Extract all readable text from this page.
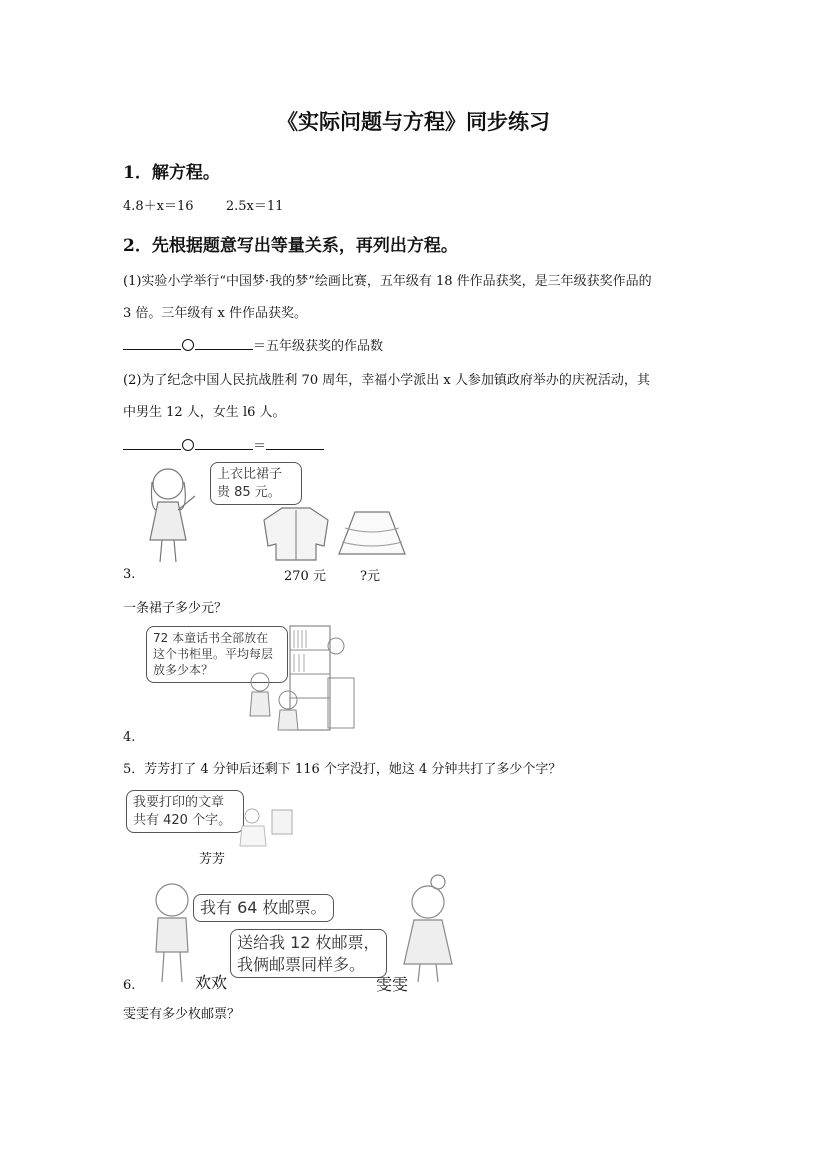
《实际问题与方程》同步练习
1．解方程。
4.8＋x＝16 2.5x＝11
2．先根据题意写出等量关系，再列出方程。
(1)实验小学举行“中国梦·我的梦”绘画比赛，五年级有 18 件作品获奖，是三年级获奖作品的
3 倍。三年级有 x 件作品获奖。
＝五年级获奖的作品数
(2)为了纪念中国人民抗战胜利 70 周年，幸福小学派出 x 人参加镇政府举办的庆祝活动，其
中男生 12 人，女生 l6 人。
＝
上衣比裙子
贵 85 元。
3.	270 元	?元
一条裙子多少元？
72 本童话书全部放在
这个书柜里。平均每层
放多少本？
4.
5．芳芳打了 4 分钟后还剩下 116 个字没打，她这 4 分钟共打了多少个字？
我要打印的文章
共有 420 个字。
芳芳
我有 64 枚邮票。
送给我 12 枚邮票，
我俩邮票同样多。
6.	欢欢	雯雯
雯雯有多少枚邮票？
